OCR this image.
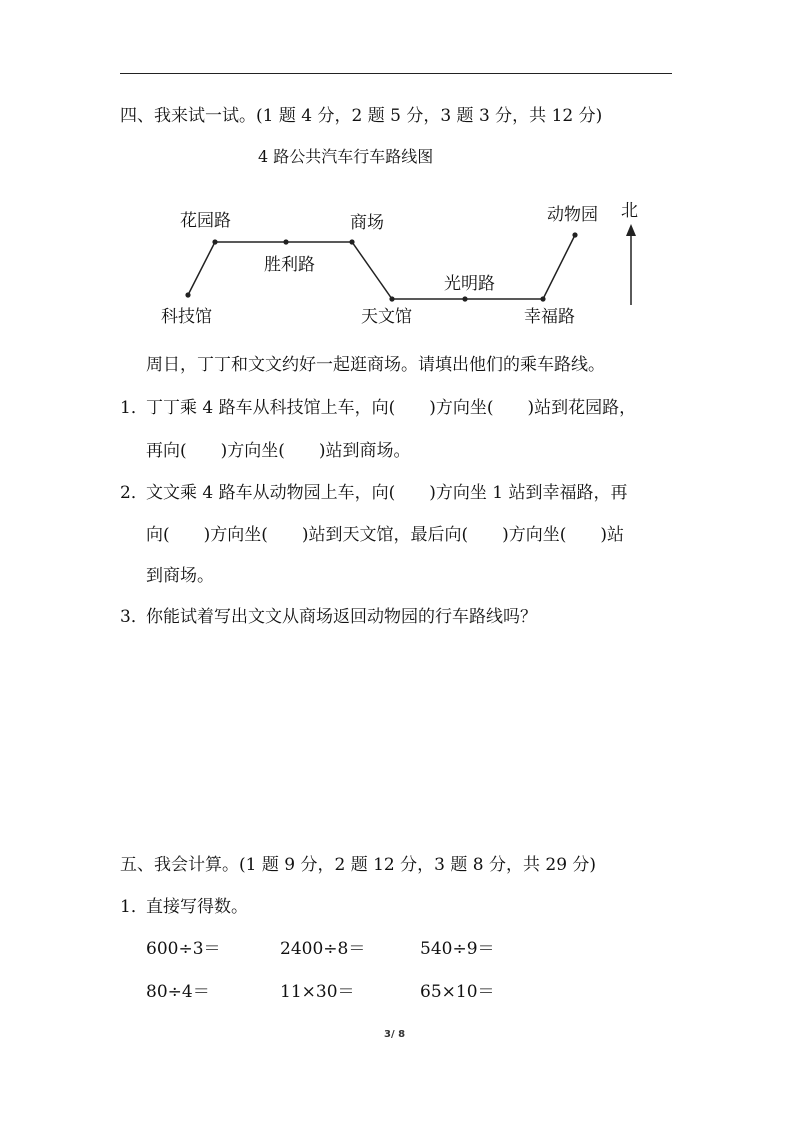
四、我来试一试。(1 题 4 分，2 题 5 分，3 题 3 分，共 12 分)
4 路公共汽车行车路线图
花园路	商场
胜利路
动物园 北
光明路
科技馆	天文馆	幸福路
周日，丁丁和文文约好一起逛商场。请填出他们的乘车路线。
1．
丁丁乘 4 路车从科技馆上车，向(　　)方向坐(　　)站到花园路，
再向(　　)方向坐(　　)站到商场。
2．
文文乘 4 路车从动物园上车，向(　　)方向坐 1 站到幸福路，再
向(　　)方向坐(　　)站到天文馆，最后向(　　)方向坐(　　)站
到商场。
3．
你能试着写出文文从商场返回动物园的行车路线吗？
五、我会计算。(1 题 9 分，2 题 12 分，3 题 8 分，共 29 分)
1．
直接写得数。
600÷3＝	2400÷8＝	540÷9＝
80÷4＝	11×30＝	65×10＝
3/ 8
